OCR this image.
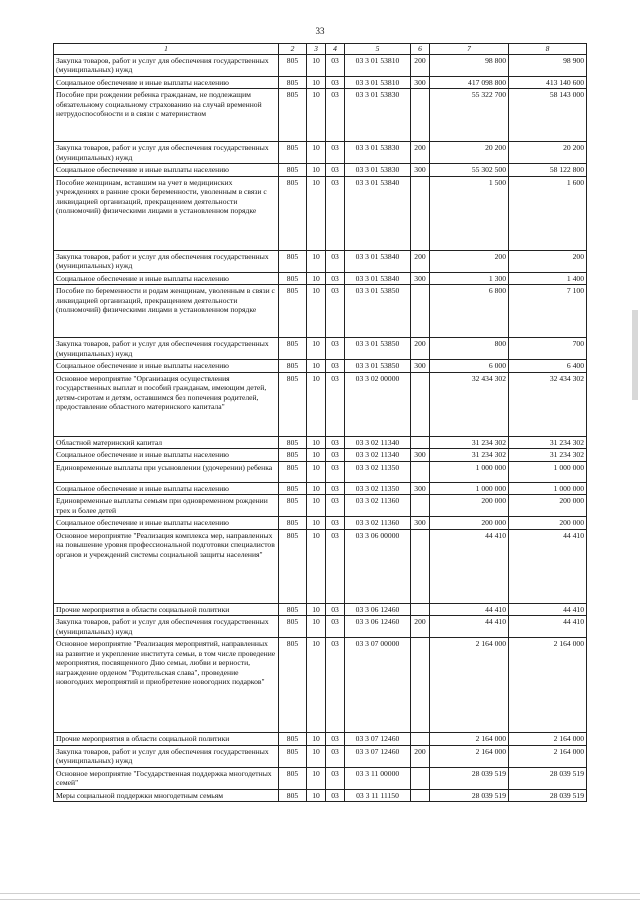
33
1	2	3	4	5	6	7	8
Закупка товаров, работ и услуг для обеспечения государственных (муниципальных) нужд	805	10	03	03 3 01 53810	200	98 800	98 900
Социальное обеспечение и иные выплаты населению	805	10	03	03 3 01 53810	300	417 098 800	413 140 600
Пособие при рождении ребенка гражданам, не подлежащим обязательному социальному страхованию на случай временной нетрудоспособности и в связи с материнством	805	10	03	03 3 01 53830		55 322 700	58 143 000
Закупка товаров, работ и услуг для обеспечения государственных (муниципальных) нужд	805	10	03	03 3 01 53830	200	20 200	20 200
Социальное обеспечение и иные выплаты населению	805	10	03	03 3 01 53830	300	55 302 500	58 122 800
Пособие женщинам, вставшим на учет в медицинских учреждениях в ранние сроки беременности, уволенным в связи с ликвидацией организаций, прекращением деятельности (полномочий) физическими лицами в установленном порядке	805	10	03	03 3 01 53840		1 500	1 600
Закупка товаров, работ и услуг для обеспечения государственных (муниципальных) нужд	805	10	03	03 3 01 53840	200	200	200
Социальное обеспечение и иные выплаты населению	805	10	03	03 3 01 53840	300	1 300	1 400
Пособие по беременности и родам женщинам, уволенным в связи с ликвидацией организаций, прекращением деятельности (полномочий) физическими лицами в установленном порядке	805	10	03	03 3 01 53850		6 800	7 100
Закупка товаров, работ и услуг для обеспечения государственных (муниципальных) нужд	805	10	03	03 3 01 53850	200	800	700
Социальное обеспечение и иные выплаты населению	805	10	03	03 3 01 53850	300	6 000	6 400
Основное мероприятие "Организация осуществления государственных выплат и пособий гражданам, имеющим детей, детям-сиротам и детям, оставшимся без попечения родителей, предоставление областного материнского капитала"	805	10	03	03 3 02 00000		32 434 302	32 434 302
Областной материнский капитал	805	10	03	03 3 02 11340		31 234 302	31 234 302
Социальное обеспечение и иные выплаты населению	805	10	03	03 3 02 11340	300	31 234 302	31 234 302
Единовременные выплаты при усыновлении (удочерении) ребенка	805	10	03	03 3 02 11350		1 000 000	1 000 000
Социальное обеспечение и иные выплаты населению	805	10	03	03 3 02 11350	300	1 000 000	1 000 000
Единовременные выплаты семьям при одновременном рождении трех и более детей	805	10	03	03 3 02 11360		200 000	200 000
Социальное обеспечение и иные выплаты населению	805	10	03	03 3 02 11360	300	200 000	200 000
Основное мероприятие "Реализация комплекса мер, направленных на повышение уровня профессиональной подготовки специалистов органов и учреждений системы социальной защиты населения"	805	10	03	03 3 06 00000		44 410	44 410
Прочие мероприятия в области социальной политики	805	10	03	03 3 06 12460		44 410	44 410
Закупка товаров, работ и услуг для обеспечения государственных (муниципальных) нужд	805	10	03	03 3 06 12460	200	44 410	44 410
Основное мероприятие "Реализация мероприятий, направленных на развитие и укрепление института семьи, в том числе проведение мероприятия, посвященного Дню семьи, любви и верности, награждение орденом "Родительская слава", проведение новогодних мероприятий и приобретение новогодних подарков"	805	10	03	03 3 07 00000		2 164 000	2 164 000
Прочие мероприятия в области социальной политики	805	10	03	03 3 07 12460		2 164 000	2 164 000
Закупка товаров, работ и услуг для обеспечения государственных (муниципальных) нужд	805	10	03	03 3 07 12460	200	2 164 000	2 164 000
Основное мероприятие "Государственная поддержка многодетных семей"	805	10	03	03 3 11 00000		28 039 519	28 039 519
Меры социальной поддержки многодетным семьям	805	10	03	03 3 11 11150		28 039 519	28 039 519
